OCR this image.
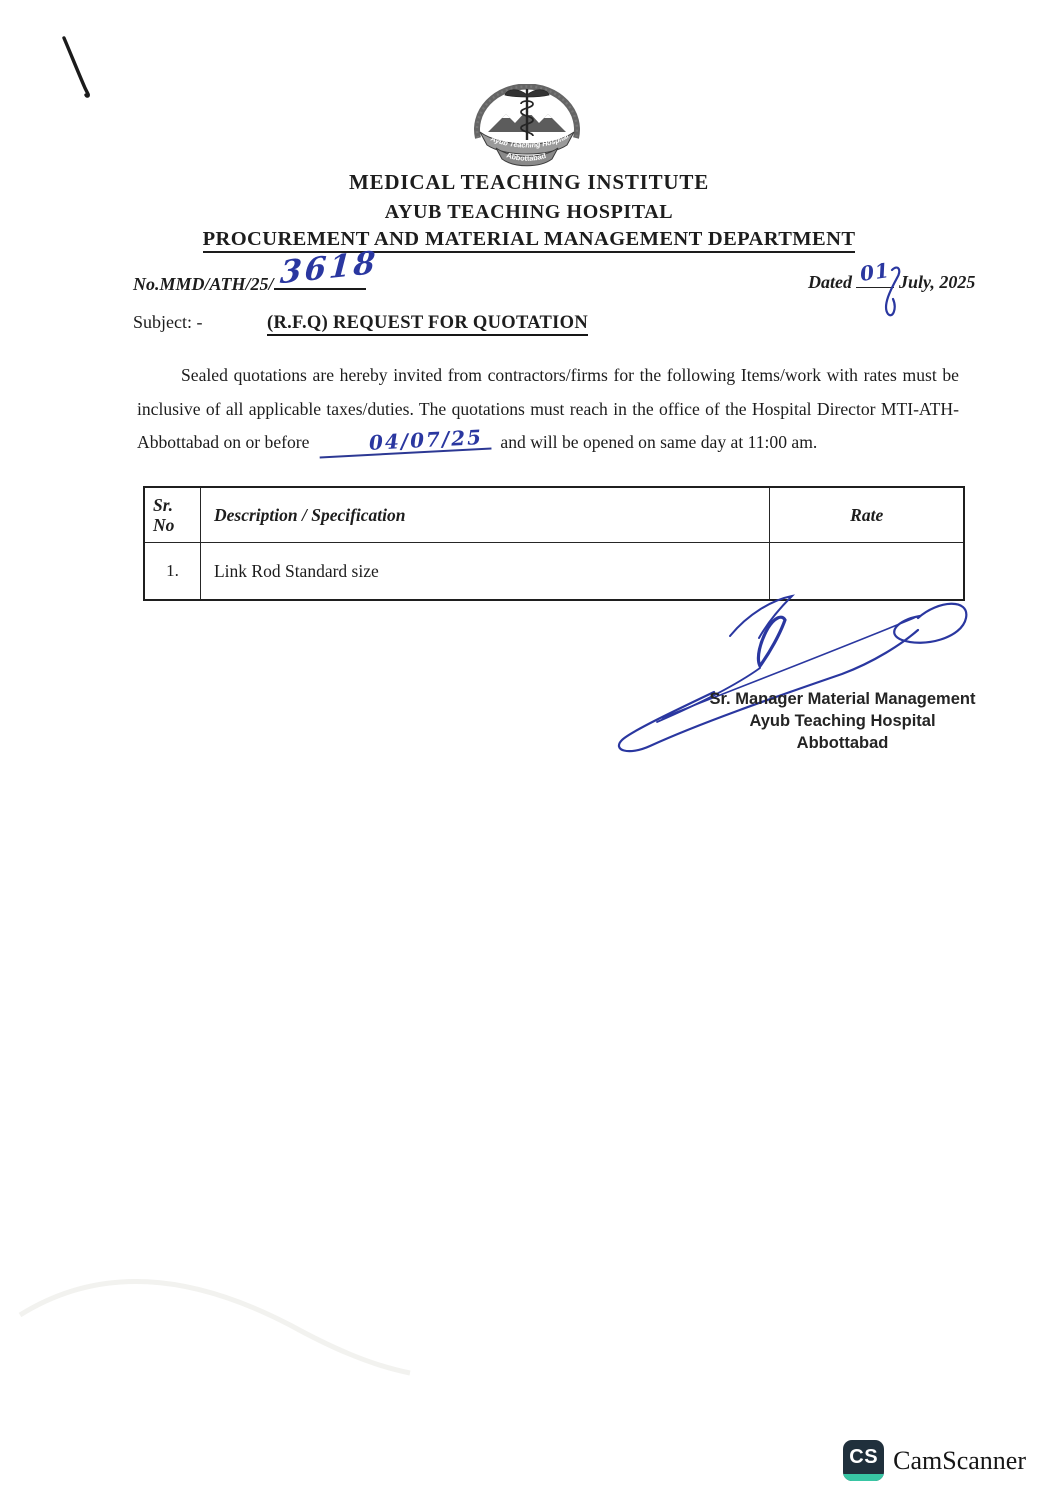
Ayub Teaching Hospital
Abbottabad
MEDICAL TEACHING INSTITUTE
AYUB TEACHING HOSPITAL
PROCUREMENT AND MATERIAL MANAGEMENT DEPARTMENT
No.MMD/ATH/25/ 3618	Dated 01 July, 2025
Subject: -	(R.F.Q) REQUEST FOR QUOTATION

Sealed quotations are hereby invited from contractors/firms for the following Items/work with rates must be inclusive of all applicable taxes/duties. The quotations must reach in the office of the Hospital Director MTI-ATH-Abbottabad on or before	04/07/25 and will be opened on same day at 11:00 am.

Sr.
No	Description / Specification	Rate
1.	Link Rod Standard size	
Sr. Manager Material Management
Ayub Teaching Hospital
Abbottabad
CS CamScanner
